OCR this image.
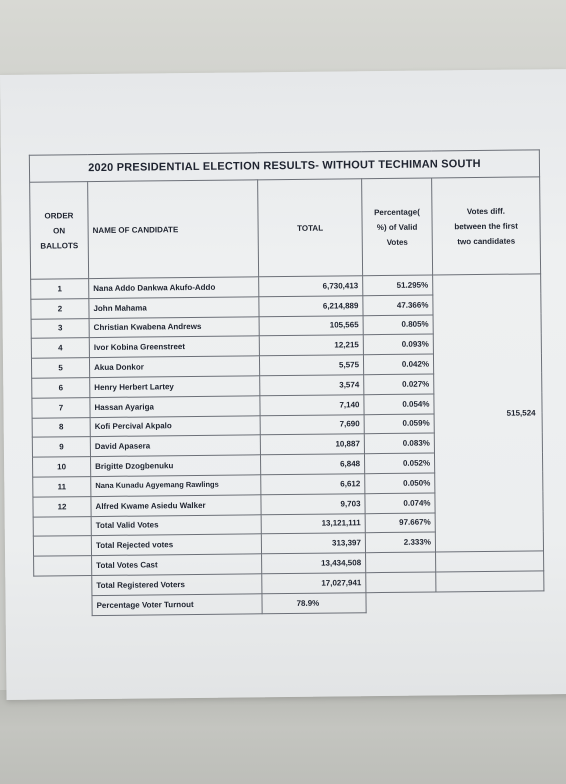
2020 PRESIDENTIAL ELECTION RESULTS- WITHOUT TECHIMAN SOUTH				
ORDER
ON
BALLOTS	NAME OF CANDIDATE	TOTAL	Percentage(
%) of Valid
Votes	Votes diff.
between the first
two candidates
1	Nana Addo Dankwa Akufo-Addo	6,730,413	51.295%	515,524
2	John Mahama	6,214,889	47.366%	
3	Christian Kwabena Andrews	105,565	0.805%	
4	Ivor Kobina Greenstreet	12,215	0.093%	
5	Akua Donkor	5,575	0.042%	
6	Henry Herbert Lartey	3,574	0.027%	
7	Hassan Ayariga	7,140	0.054%	
8	Kofi Percival Akpalo	7,690	0.059%	
9	David Apasera	10,887	0.083%	
10	Brigitte Dzogbenuku	6,848	0.052%	
11	Nana Kunadu Agyemang Rawlings	6,612	0.050%	
12	Alfred Kwame Asiedu Walker	9,703	0.074%	
	Total Valid Votes	13,121,111	97.667%	
	Total Rejected votes	313,397	2.333%	
	Total Votes Cast	13,434,508		
	Total Registered Voters	17,027,941		
	Percentage Voter Turnout	78.9%		
